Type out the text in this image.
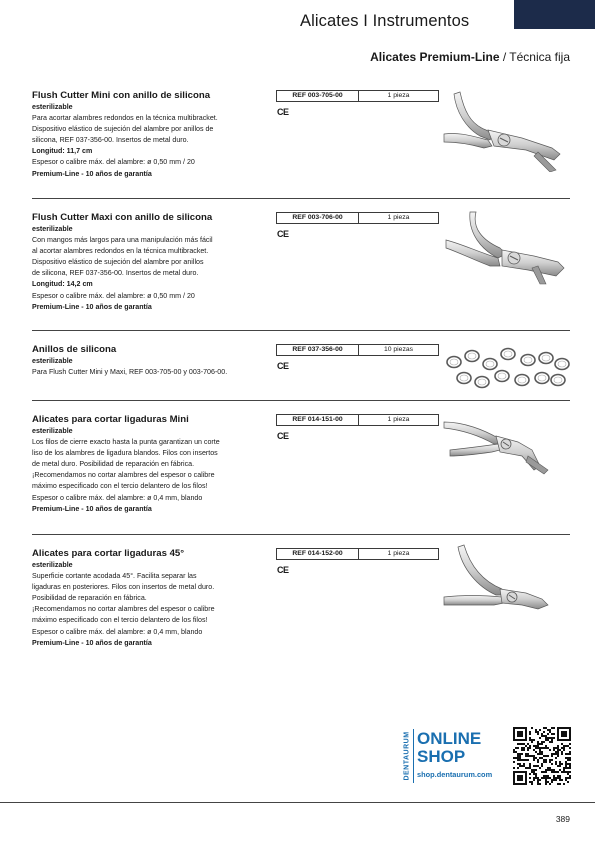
Alicates I Instrumentos
Alicates Premium-Line / Técnica fija
Flush Cutter Mini con anillo de silicona
esterilizable
Para acortar alambres redondos en la técnica multibracket.
Dispositivo elástico de sujeción del alambre por anillos de
silicona, REF 037-356-00. Insertos de metal duro.
Longitud: 11,7 cm
Espesor o calibre máx. del alambre: ø 0,50 mm / 20
Premium-Line - 10 años de garantía
REF 003-705-00	1 pieza
CE
Flush Cutter Maxi con anillo de silicona
esterilizable
Con mangos más largos para una manipulación más fácil
al acortar alambres redondos en la técnica multibracket.
Dispositivo elástico de sujeción del alambre por anillos
de silicona, REF 037-356-00. Insertos de metal duro.
Longitud: 14,2 cm
Espesor o calibre máx. del alambre: ø 0,50 mm / 20
Premium-Line - 10 años de garantía
REF 003-706-00	1 pieza
CE
Anillos de silicona
esterilizable
Para Flush Cutter Mini y Maxi, REF 003-705-00 y 003-706-00.
REF 037-356-00	10 piezas
CE
Alicates para cortar ligaduras Mini
esterilizable
Los filos de cierre exacto hasta la punta garantizan un corte
liso de los alambres de ligadura blandos. Filos con insertos
de metal duro. Posibilidad de reparación en fábrica.
¡Recomendamos no cortar alambres del espesor o calibre
máximo especificado con el tercio delantero de los filos!
Espesor o calibre máx. del alambre: ø 0,4 mm, blando
Premium-Line - 10 años de garantía
REF 014-151-00	1 pieza
CE
Alicates para cortar ligaduras 45°
esterilizable
Superficie cortante acodada 45°. Facilita separar las
ligaduras en posteriores. Filos con insertos de metal duro.
Posibilidad de reparación en fábrica.
¡Recomendamos no cortar alambres del espesor o calibre
máximo especificado con el tercio delantero de los filos!
Espesor o calibre máx. del alambre: ø 0,4 mm, blando
Premium-Line - 10 años de garantía
REF 014-152-00	1 pieza
CE
DENTAURUM ONLINE
SHOP
shop.dentaurum.com
389
